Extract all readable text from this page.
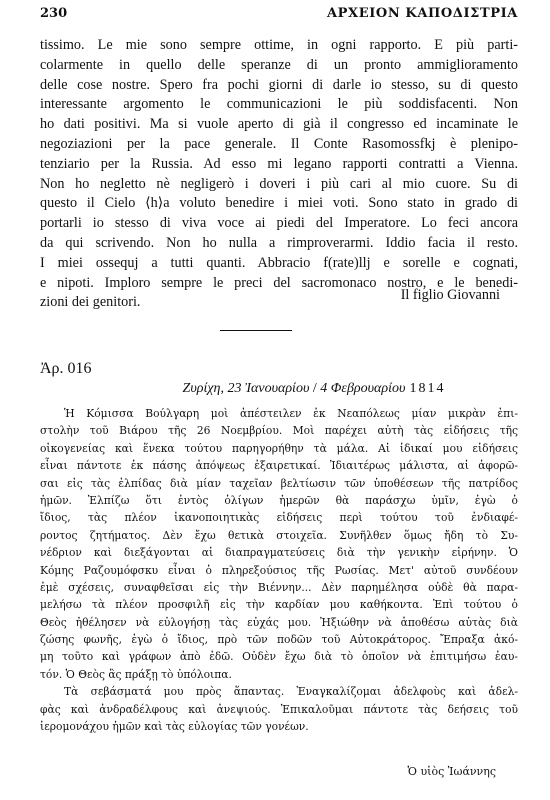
230	ΑΡΧΕΙΟΝ ΚΑΠΟΔΙΣΤΡΙΑ
tissimo. Le mie sono sempre ottime, in ogni rapporto. E più parti-
colarmente in quello delle speranze di un pronto ammiglioramento
delle cose nostre. Spero fra pochi giorni di darle io stesso, su di questo
interessante argomento le communicazioni le più soddisfacenti. Non
ho dati positivi. Ma si vuole aperto di già il congresso ed incaminate le
negoziazioni per la pace generale. Il Conte Rasomossfkj è plenipo-
tenziario per la Russia. Ad esso mi legano rapporti contratti a Vienna.
Non ho negletto nè negligerò i doveri i più cari al mio cuore. Su di
questo il Cielo ⟨h⟩a voluto benedire i miei voti. Sono stato in grado di
portarli io stesso di viva voce ai piedi del Imperatore. Lo feci ancora
da qui scrivendo. Non ho nulla a rimproverarmi. Iddio facia il resto.
I miei ossequj a tutti quanti. Abbracio f(rate)llj e sorelle e cognati,
e nipoti. Imploro sempre le preci del sacromonaco nostro, e le benedi-
zioni dei genitori.	Il figlio Giovanni
Ἀρ. 016
Ζυρίχη, 23 Ἰανουαρίου / 4 Φεβρουαρίου 1814
Ἡ Κόμισσα Βούλγαρη μοὶ ἀπέστειλεν ἐκ Νεαπόλεως μίαν μικρὰν ἐπι-
στολὴν τοῦ Βιάρου τῆς 26 Νοεμβρίου. Μοὶ παρέχει αὐτὴ τὰς εἰδήσεις τῆς
οἰκογενείας καὶ ἕνεκα τούτου παρηγορήθην τὰ μάλα. Αἱ ἰδικαί μου εἰδήσεις
εἶναι πάντοτε ἐκ πάσης ἀπόψεως ἐξαιρετικαί. Ἰδιαιτέρως μάλιστα, αἱ ἀφορῶ-
σαι εἰς τὰς ἐλπίδας διὰ μίαν ταχεῖαν βελτίωσιν τῶν ὑποθέσεων τῆς πατρίδος
ἡμῶν. Ἐλπίζω ὅτι ἐντὸς ὀλίγων ἡμερῶν θὰ παράσχω ὑμῖν, ἐγὼ ὁ
ἴδιος, τὰς πλέον ἱκανοποιητικὰς εἰδήσεις περὶ τούτου τοῦ ἐνδιαφέ-
ροντος ζητήματος. Δὲν ἔχω θετικὰ στοιχεῖα. Συνῆλθεν ὅμως ἤδη τὸ Συ-
νέδριον καὶ διεξάγονται αἱ διαπραγματεύσεις διὰ τὴν γενικὴν εἰρήνην. Ὁ
Κόμης Ραζουμόφσκυ εἶναι ὁ πληρεξούσιος τῆς Ρωσίας. Μετ' αὐτοῦ συνδέουν
ἐμὲ σχέσεις, συναφθεῖσαι εἰς τὴν Βιέννην... Δὲν παρημέλησα οὐδὲ θὰ παρα-
μελήσω τὰ πλέον προσφιλῆ εἰς τὴν καρδίαν μου καθήκοντα. Ἐπὶ τούτου ὁ
Θεὸς ἠθέλησεν νὰ εὐλογήσῃ τὰς εὐχάς μου. Ἠξιώθην νὰ ἀποθέσω αὐτὰς διὰ
ζώσης φωνῆς, ἐγὼ ὁ ἴδιος, πρὸ τῶν ποδῶν τοῦ Αὐτοκράτορος. Ἔπραξα ἀκό-
μη τοῦτο καὶ γράφων ἀπὸ ἐδῶ. Οὐδὲν ἔχω διὰ τὸ ὁποῖον νὰ ἐπιτιμήσω ἐαυ-
τόν. Ὁ Θεὸς ἂς πράξῃ τὸ ὑπόλοιπα.
Τὰ σεβάσματά μου πρὸς ἅπαντας. Ἐναγκαλίζομαι ἀδελφοὺς καὶ ἀδελ-
φὰς καὶ ἀνδραδέλφους καὶ ἀνεψιούς. Ἐπικαλοῦμαι πάντοτε τὰς δεήσεις τοῦ
ἱερομονάχου ἡμῶν καὶ τὰς εὐλογίας τῶν γονέων.
Ὁ υἱὸς Ἰωάννης
